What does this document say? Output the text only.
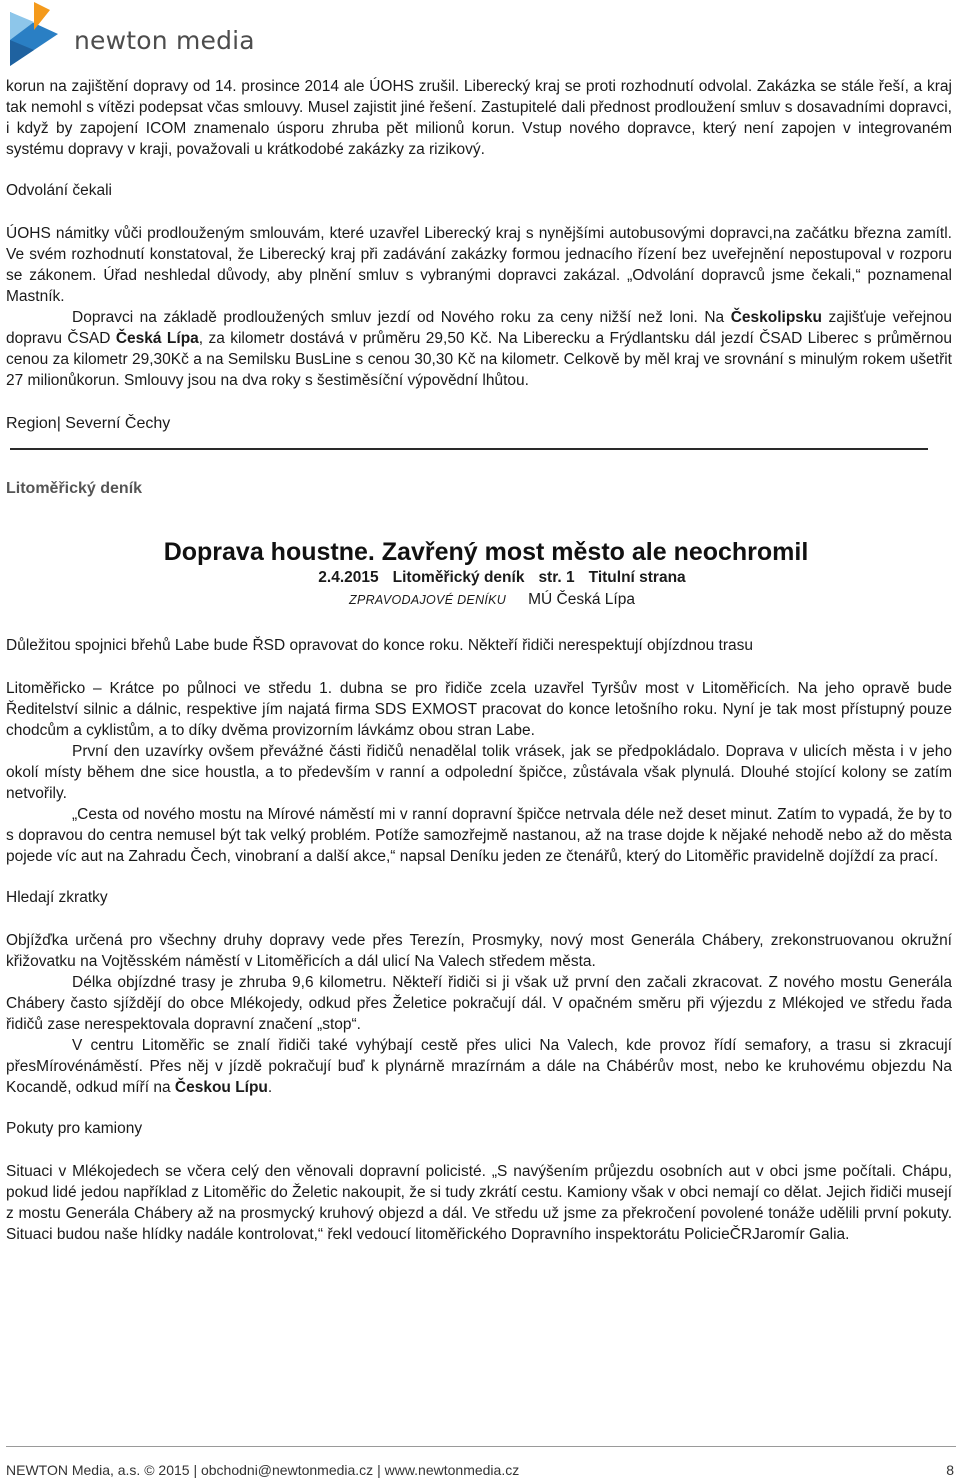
newton media

korun na zajištění dopravy od 14. prosince 2014 ale ÚOHS zrušil. Liberecký kraj se proti rozhodnutí odvolal. Zakázka se stále řeší, a kraj tak nemohl s vítězi podepsat včas smlouvy. Musel zajistit jiné řešení. Zastupitelé dali přednost prodloužení smluv s dosavadními dopravci, i když by zapojení ICOM znamenalo úsporu zhruba pět milionů korun. Vstup nového dopravce, který není zapojen v integrovaném systému dopravy v kraji, považovali u krátkodobé zakázky za rizikový.

Odvolání čekali

ÚOHS námitky vůči prodlouženým smlouvám, které uzavřel Liberecký kraj s nynějšími autobusovými dopravci,na začátku března zamítl. Ve svém rozhodnutí konstatoval, že Liberecký kraj při zadávání zakázky formou jednacího řízení bez uveřejnění nepostupoval v rozporu se zákonem. Úřad neshledal důvody, aby plnění smluv s vybranými dopravci zakázal. „Odvolání dopravců jsme čekali,“ poznamenal Mastník.

Dopravci na základě prodloužených smluv jezdí od Nového roku za ceny nižší než loni. Na Českolipsku zajišťuje veřejnou dopravu ČSAD Česká Lípa, za kilometr dostává v průměru 29,50 Kč. Na Liberecku a Frýdlantsku dál jezdí ČSAD Liberec s průměrnou cenou za kilometr 29,30Kč a na Semilsku BusLine s cenou 30,30 Kč na kilometr. Celkově by měl kraj ve srovnání s minulým rokem ušetřit 27 milionůkorun. Smlouvy jsou na dva roky s šestiměsíční výpovědní lhůtou.

Region| Severní Čechy

Litoměřický deník

Doprava houstne. Zavřený most město ale neochromil

2.4.2015 Litoměřický deník str. 1 Titulní strana
ZPRAVODAJOVÉ DENÍKU MÚ Česká Lípa

Důležitou spojnici břehů Labe bude ŘSD opravovat do konce roku. Někteří řidiči nerespektují objízdnou trasu

Litoměřicko – Krátce po půlnoci ve středu 1. dubna se pro řidiče zcela uzavřel Tyršův most v Litoměřicích. Na jeho opravě bude Ředitelství silnic a dálnic, respektive jím najatá firma SDS EXMOST pracovat do konce letošního roku. Nyní je tak most přístupný pouze chodcům a cyklistům, a to díky dvěma provizorním lávkámz obou stran Labe.

První den uzavírky ovšem převážné části řidičů nenadělal tolik vrásek, jak se předpokládalo. Doprava v ulicích města i v jeho okolí místy během dne sice houstla, a to především v ranní a odpolední špičce, zůstávala však plynulá. Dlouhé stojící kolony se zatím netvořily.

„Cesta od nového mostu na Mírové náměstí mi v ranní dopravní špičce netrvala déle než deset minut. Zatím to vypadá, že by to s dopravou do centra nemusel být tak velký problém. Potíže samozřejmě nastanou, až na trase dojde k nějaké nehodě nebo až do města pojede víc aut na Zahradu Čech, vinobraní a další akce,“ napsal Deníku jeden ze čtenářů, který do Litoměřic pravidelně dojíždí za prací.

Hledají zkratky

Objížďka určená pro všechny druhy dopravy vede přes Terezín, Prosmyky, nový most Generála Chábery, zrekonstruovanou okružní křižovatku na Vojtěsském náměstí v Litoměřicích a dál ulicí Na Valech středem města.

Délka objízdné trasy je zhruba 9,6 kilometru. Někteří řidiči si ji však už první den začali zkracovat. Z nového mostu Generála Chábery často sjíždějí do obce Mlékojedy, odkud přes Želetice pokračují dál. V opačném směru při výjezdu z Mlékojed ve středu řada řidičů zase nerespektovala dopravní značení „stop“.

V centru Litoměřic se znalí řidiči také vyhýbají cestě přes ulici Na Valech, kde provoz řídí semafory, a trasu si zkracují přesMírovénáměstí. Přes něj v jízdě pokračují buď k plynárně mrazírnám a dále na Chábérův most, nebo ke kruhovému objezdu Na Kocandě, odkud míří na Českou Lípu.

Pokuty pro kamiony

Situaci v Mlékojedech se včera celý den věnovali dopravní policisté. „S navýšením průjezdu osobních aut v obci jsme počítali. Chápu, pokud lidé jedou například z Litoměřic do Želetic nakoupit, že si tudy zkrátí cestu. Kamiony však v obci nemají co dělat. Jejich řidiči musejí z mostu Generála Chábery až na prosmycký kruhový objezd a dál. Ve středu už jsme za překročení povolené tonáže udělili první pokuty. Situaci budou naše hlídky nadále kontrolovat,“ řekl vedoucí litoměřického Dopravního inspektorátu PolicieČRJaromír Galia.

NEWTON Media, a.s. © 2015 | obchodni@newtonmedia.cz | www.newtonmedia.cz	8
